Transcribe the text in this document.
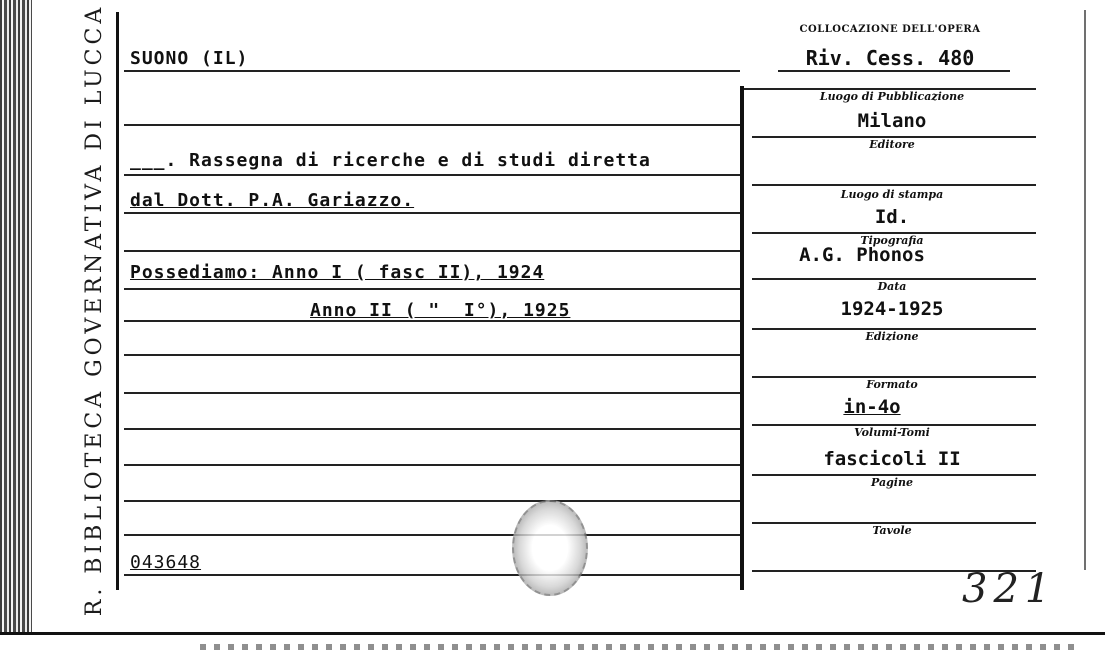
R. BIBLIOTECA GOVERNATIVA DI LUCCA	COLLOCAZIONE DELL'OPERA
Riv. Cess. 480
SUONO (IL)
___. Rassegna di ricerche e di studi diretta
dal Dott. P.A. Gariazzo.
Possediamo: Anno I ( fasc II), 1924
Anno II ( "  I°), 1925
043648
Luogo di Pubblicazione
Milano
Editore
Luogo di stampa
Id.
Tipografia
A.G. Phonos
Data
1924-1925
Edizione
Formato
in-4o
Volumi-Tomi
fascicoli II
Pagine
Tavole
321
